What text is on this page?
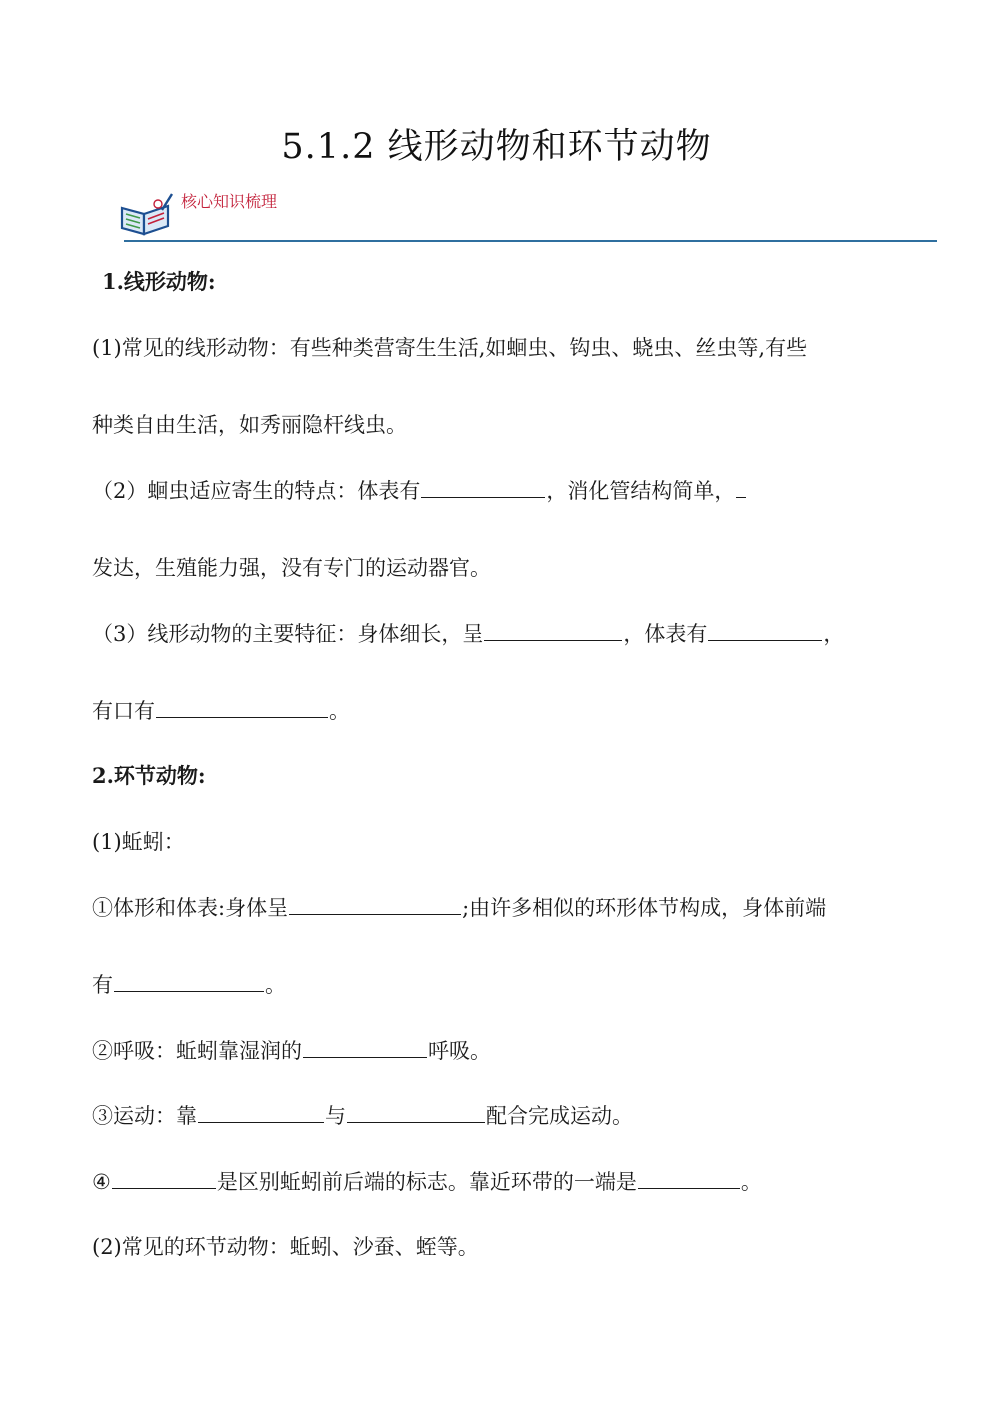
5.1.2 线形动物和环节动物
核心知识梳理
1.线形动物:
(1)常见的线形动物：有些种类营寄生生活,如蛔虫、钩虫、蛲虫、丝虫等,有些
种类自由生活，如秀丽隐杆线虫。
（2）蛔虫适应寄生的特点：体表有	，消化管结构简单，
发达，生殖能力强，没有专门的运动器官。
（3）线形动物的主要特征：身体细长，呈	，体表有	，
有口有	。
2.环节动物:
(1)蚯蚓：
①体形和体表:身体呈	;由许多相似的环形体节构成，身体前端
有	。
②呼吸：蚯蚓靠湿润的	呼吸。
③运动：靠	与	配合完成运动。
④	是区别蚯蚓前后端的标志。靠近环带的一端是	。
(2)常见的环节动物：蚯蚓、沙蚕、蛭等。
